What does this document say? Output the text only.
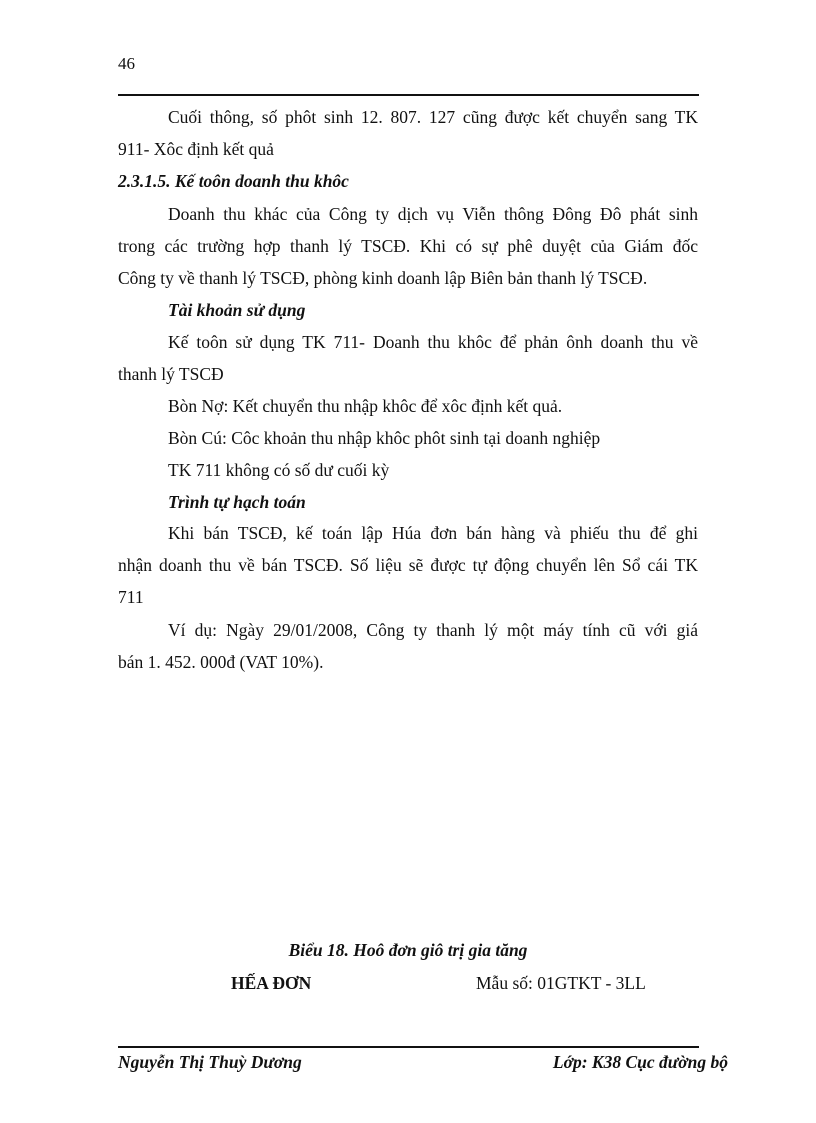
46
Cuối thông, số phôt sinh 12. 807. 127 cũng được kết chuyển sang TK
911- Xôc định kết quả
2.3.1.5. Kế toôn doanh thu khôc
Doanh thu khác của Công ty dịch vụ Viễn thông Đông Đô phát sinh
trong các trường hợp thanh lý TSCĐ. Khi có sự phê duyệt của Giám đốc
Công ty về thanh lý TSCĐ, phòng kinh doanh lập Biên bản thanh lý TSCĐ.
Tài khoản sử dụng
Kế toôn sử dụng TK 711- Doanh thu khôc để phản ônh doanh thu về
thanh lý TSCĐ
Bòn Nợ: Kết chuyển thu nhập khôc để xôc định kết quả.
Bòn Cú: Côc khoản thu nhập khôc phôt sinh tại doanh nghiệp
TK 711 không có số dư cuối kỳ
Trình tự hạch toán
Khi bán TSCĐ, kế toán lập Húa đơn bán hàng và phiếu thu để ghi
nhận doanh thu về bán TSCĐ. Số liệu sẽ được tự động chuyển lên Sổ cái TK
711
Ví dụ: Ngày 29/01/2008, Công ty thanh lý một máy tính cũ với giá
bán 1. 452. 000đ (VAT 10%).
Biểu 18. Hoô đơn giô trị gia tăng
HẾA ĐƠN	Mẫu số: 01GTKT - 3LL
Nguyễn Thị Thuỳ Dương	Lớp: K38 Cục đường bộ
